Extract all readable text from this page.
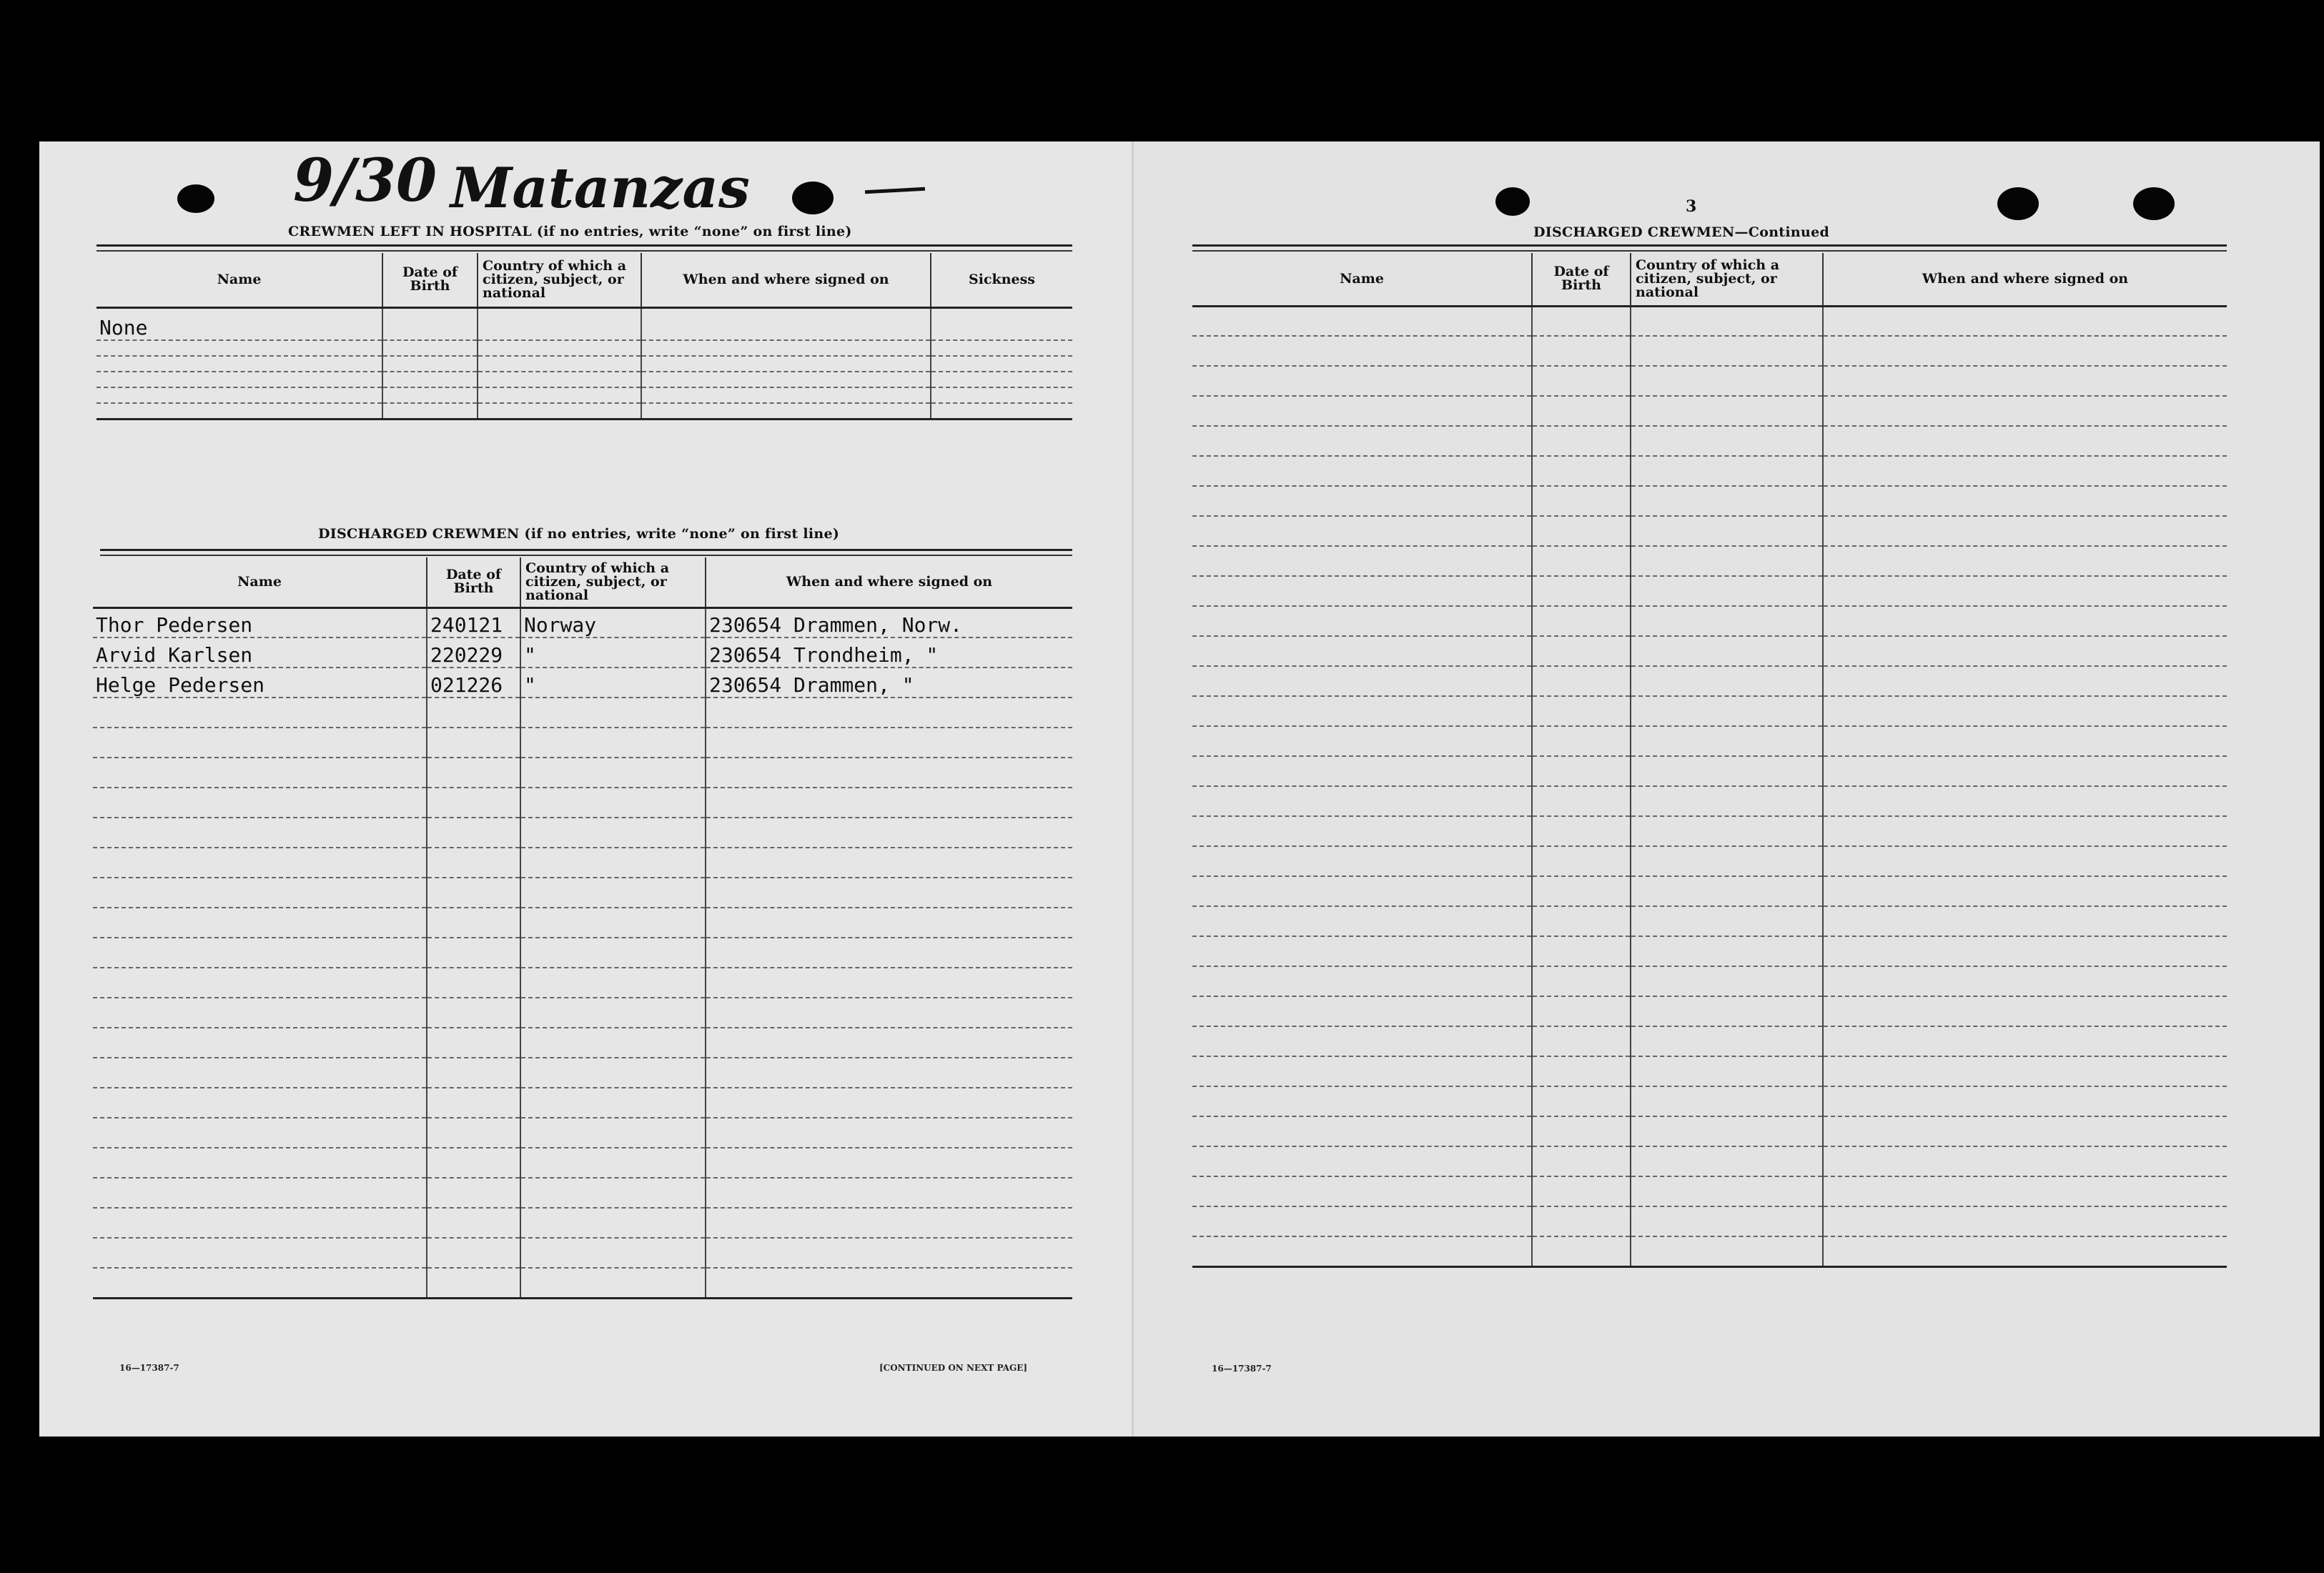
9/30 Matanzas	3
CREWMEN LEFT IN HOSPITAL (if no entries, write “none” on first line)
Name	Date of Birth	Country of which a citizen, subject, or national	When and where signed on	Sickness
None				

DISCHARGED CREWMEN (if no entries, write “none” on first line)
Name	Date of Birth	Country of which a citizen, subject, or national	When and where signed on
Thor Pedersen	240121	Norway	230654 Drammen, Norw.
Arvid Karlsen	220229	"	230654 Trondheim, "
Helge Pedersen	021226	"	230654 Drammen, "

16—17387-7	[CONTINUED ON NEXT PAGE]
DISCHARGED CREWMEN—Continued
Name	Date of Birth	Country of which a citizen, subject, or national	When and where signed on

16—17387-7
